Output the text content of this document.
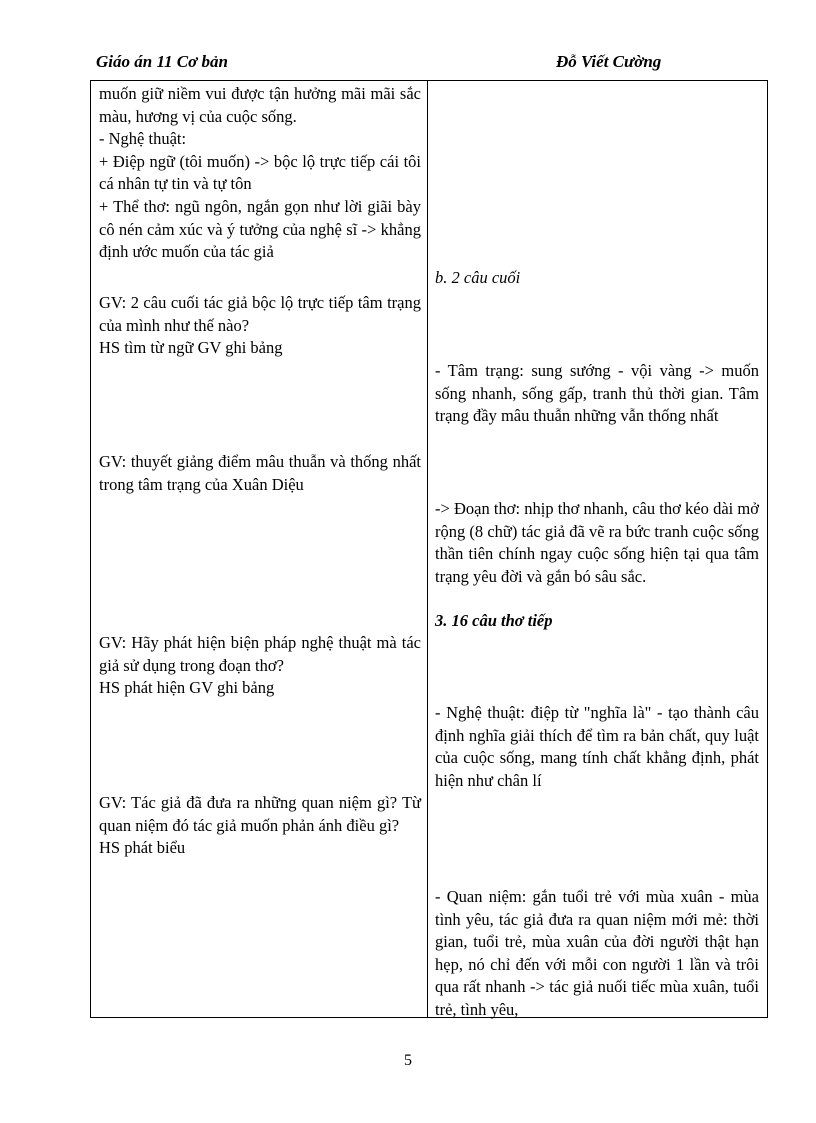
Giáo án 11 Cơ bản	Đỗ Viết Cường

muốn giữ niềm vui được tận hưởng mãi mãi sắc màu, hương vị của cuộc sống.

- Nghệ thuật:

+ Điệp ngữ (tôi muốn) -> bộc lộ trực tiếp cái tôi cá nhân tự tin và tự tôn

+ Thể thơ: ngũ ngôn, ngắn gọn như lời giãi bày cô nén cảm xúc và ý tưởng của nghệ sĩ -> khẳng định ước muốn của tác giả

GV: 2 câu cuối tác giả bộc lộ trực tiếp tâm trạng của mình như thế nào?

HS tìm từ ngữ GV ghi bảng

GV: thuyết giảng điểm mâu thuẫn và thống nhất trong tâm trạng của Xuân Diệu

GV: Hãy phát hiện biện pháp nghệ thuật mà tác giả sử dụng trong đoạn thơ?

HS phát hiện GV ghi bảng

GV: Tác giả đã đưa ra những quan niệm gì? Từ quan niệm đó tác giả muốn phản ánh điều gì?

HS phát biểu

b. 2 câu cuối
- Tâm trạng: sung sướng - vội vàng -> muốn sống nhanh, sống gấp, tranh thủ thời gian. Tâm trạng đầy mâu thuẫn những vẫn thống nhất
-> Đoạn thơ: nhịp thơ nhanh, câu thơ kéo dài mở rộng (8 chữ) tác giả đã vẽ ra bức tranh cuộc sống thần tiên chính ngay cuộc sống hiện tại qua tâm trạng yêu đời và gắn bó sâu sắc.
3. 16 câu thơ tiếp
- Nghệ thuật: điệp từ "nghĩa là" - tạo thành câu định nghĩa giải thích để tìm ra bản chất, quy luật của cuộc sống, mang tính chất khẳng định, phát hiện như chân lí
- Quan niệm: gắn tuổi trẻ với mùa xuân - mùa tình yêu, tác giả đưa ra quan niệm mới mẻ: thời gian, tuổi trẻ, mùa xuân của đời người thật hạn hẹp, nó chỉ đến với mỗi con người 1 lần và trôi qua rất nhanh -> tác giả nuối tiếc mùa xuân, tuổi trẻ, tình yêu,
5
